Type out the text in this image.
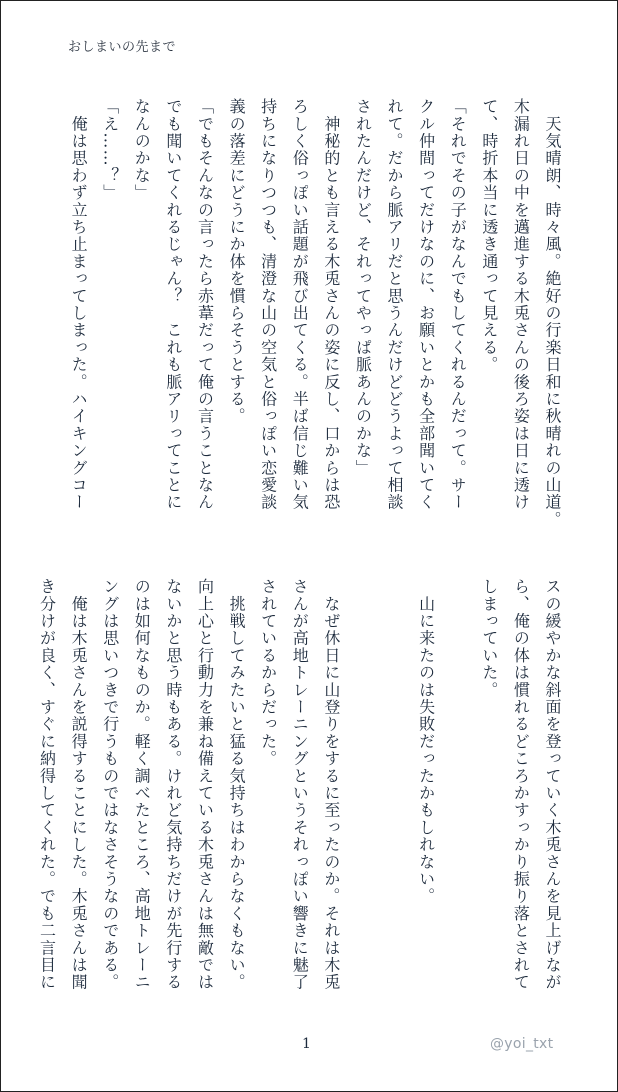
おしまいの先まで
　天気晴朗、時々風。絶好の行楽日和に秋晴れの山道。
木漏れ日の中を邁進する木兎さんの後ろ姿は日に透け
て、時折本当に透き通って見える。
「それでその子がなんでもしてくれるんだって。サー
クル仲間ってだけなのに、お願いとかも全部聞いてく
れて。だから脈アリだと思うんだけどどうよって相談
されたんだけど、それってやっぱ脈あんのかな」
　神秘的とも言える木兎さんの姿に反し、口からは恐
ろしく俗っぽい話題が飛び出てくる。半ば信じ難い気
持ちになりつつも、清澄な山の空気と俗っぽい恋愛談
義の落差にどうにか体を慣らそうとする。
「でもそんなの言ったら赤葦だって俺の言うことなん
でも聞いてくれるじゃん？　これも脈アリってことに
なんのかな」
「え……？」
　俺は思わず立ち止まってしまった。ハイキングコー
スの緩やかな斜面を登っていく木兎さんを見上げなが
ら、俺の体は慣れるどころかすっかり振り落とされて
しまっていた。
　山に来たのは失敗だったかもしれない。
　なぜ休日に山登りをするに至ったのか。それは木兎
さんが高地トレーニングというそれっぽい響きに魅了
されているからだった。
　挑戦してみたいと猛る気持ちはわからなくもない。
向上心と行動力を兼ね備えている木兎さんは無敵では
ないかと思う時もある。けれど気持ちだけが先行する
のは如何なものか。軽く調べたところ、高地トレーニ
ングは思いつきで行うものではなさそうなのである。
　俺は木兎さんを説得することにした。木兎さんは聞
き分けが良く、すぐに納得してくれた。でも二言目に
1	@yoi_txt
